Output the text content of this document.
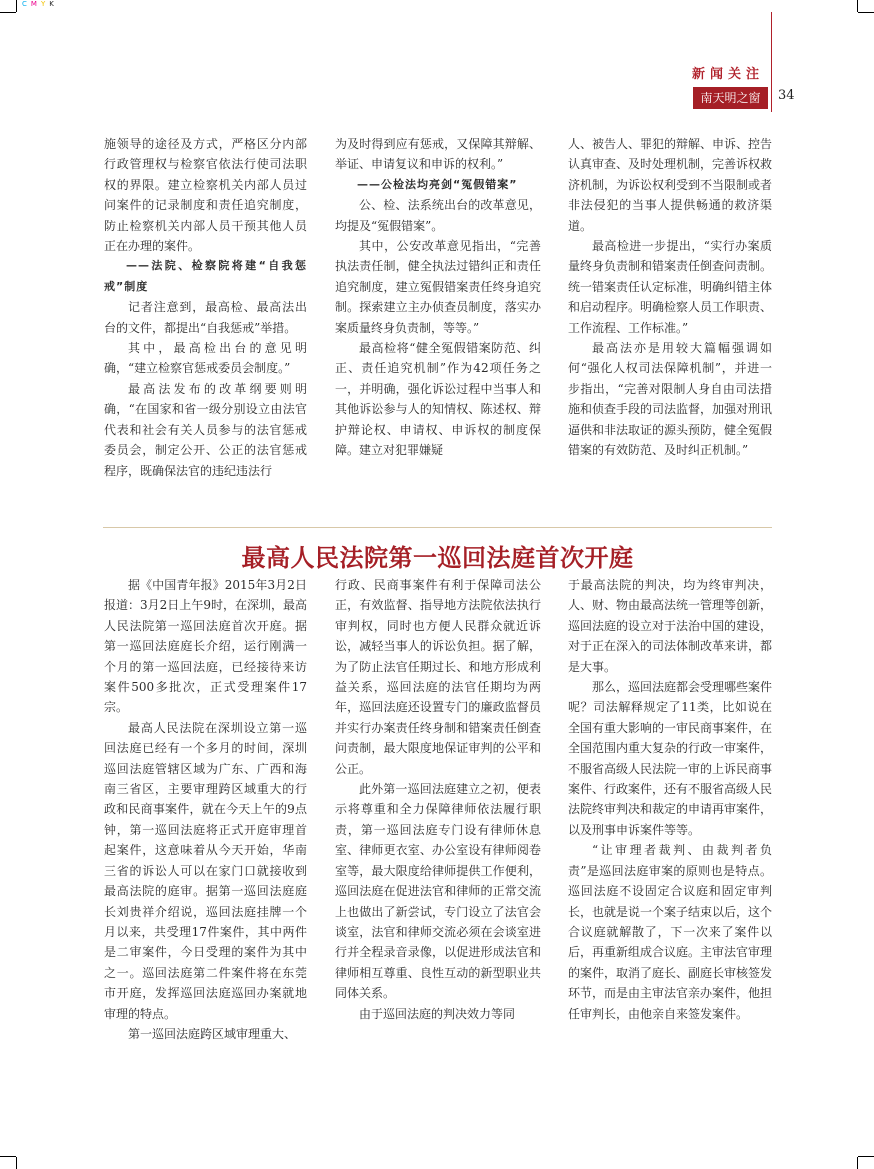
CMYK
新闻关注
南天明之窗	34

施领导的途径及方式，严格区分内部行政管理权与检察官依法行使司法职权的界限。建立检察机关内部人员过问案件的记录制度和责任追究制度，防止检察机关内部人员干预其他人员正在办理的案件。

——法院、检察院将建“自我惩戒”制度

记者注意到，最高检、最高法出台的文件，都提出“自我惩戒”举措。

其中，最高检出台的意见明确，“建立检察官惩戒委员会制度。”

最高法发布的改革纲要则明确，“在国家和省一级分别设立由法官代表和社会有关人员参与的法官惩戒委员会，制定公开、公正的法官惩戒程序，既确保法官的违纪违法行

为及时得到应有惩戒，又保障其辩解、举证、申请复议和申诉的权利。”

——公检法均亮剑“冤假错案”

公、检、法系统出台的改革意见，均提及“冤假错案”。

其中，公安改革意见指出，“完善执法责任制，健全执法过错纠正和责任追究制度，建立冤假错案责任终身追究制。探索建立主办侦查员制度，落实办案质量终身负责制，等等。”

最高检将“健全冤假错案防范、纠正、责任追究机制”作为42项任务之一，并明确，强化诉讼过程中当事人和其他诉讼参与人的知情权、陈述权、辩护辩论权、申请权、申诉权的制度保障。建立对犯罪嫌疑

人、被告人、罪犯的辩解、申诉、控告认真审查、及时处理机制，完善诉权救济机制，为诉讼权利受到不当限制或者非法侵犯的当事人提供畅通的救济渠道。

最高检进一步提出，“实行办案质量终身负责制和错案责任倒查问责制。统一错案责任认定标准，明确纠错主体和启动程序。明确检察人员工作职责、工作流程、工作标准。”

最高法亦是用较大篇幅强调如何“强化人权司法保障机制”，并进一步指出，“完善对限制人身自由司法措施和侦查手段的司法监督，加强对刑讯逼供和非法取证的源头预防，健全冤假错案的有效防范、及时纠正机制。”

最高人民法院第一巡回法庭首次开庭

据《中国青年报》2015年3月2日报道：3月2日上午9时，在深圳，最高人民法院第一巡回法庭首次开庭。据第一巡回法庭庭长介绍，运行刚满一个月的第一巡回法庭，已经接待来访案件500多批次，正式受理案件17宗。

最高人民法院在深圳设立第一巡回法庭已经有一个多月的时间，深圳巡回法庭管辖区域为广东、广西和海南三省区，主要审理跨区域重大的行政和民商事案件，就在今天上午的9点钟，第一巡回法庭将正式开庭审理首起案件，这意味着从今天开始，华南三省的诉讼人可以在家门口就接收到最高法院的庭审。据第一巡回法庭庭长刘贵祥介绍说，巡回法庭挂牌一个月以来，共受理17件案件，其中两件是二审案件，今日受理的案件为其中之一。巡回法庭第二件案件将在东莞市开庭，发挥巡回法庭巡回办案就地审理的特点。

第一巡回法庭跨区域审理重大、

行政、民商事案件有利于保障司法公正，有效监督、指导地方法院依法执行审判权，同时也方便人民群众就近诉讼，减轻当事人的诉讼负担。据了解，为了防止法官任期过长、和地方形成利益关系，巡回法庭的法官任期均为两年，巡回法庭还设置专门的廉政监督员并实行办案责任终身制和错案责任倒查问责制，最大限度地保证审判的公平和公正。

此外第一巡回法庭建立之初，便表示将尊重和全力保障律师依法履行职责，第一巡回法庭专门设有律师休息室、律师更衣室、办公室设有律师阅卷室等，最大限度给律师提供工作便利，巡回法庭在促进法官和律师的正常交流上也做出了新尝试，专门设立了法官会谈室，法官和律师交流必须在会谈室进行并全程录音录像，以促进形成法官和律师相互尊重、良性互动的新型职业共同体关系。

由于巡回法庭的判决效力等同

于最高法院的判决，均为终审判决，人、财、物由最高法统一管理等创新，巡回法庭的设立对于法治中国的建设，对于正在深入的司法体制改革来讲，都是大事。

那么，巡回法庭都会受理哪些案件呢？司法解释规定了11类，比如说在全国有重大影响的一审民商事案件，在全国范围内重大复杂的行政一审案件，不服省高级人民法院一审的上诉民商事案件、行政案件，还有不服省高级人民法院终审判决和裁定的申请再审案件，以及刑事申诉案件等等。

“让审理者裁判、由裁判者负责”是巡回法庭审案的原则也是特点。巡回法庭不设固定合议庭和固定审判长，也就是说一个案子结束以后，这个合议庭就解散了，下一次来了案件以后，再重新组成合议庭。主审法官审理的案件，取消了庭长、副庭长审核签发环节，而是由主审法官亲办案件，他担任审判长，由他亲自来签发案件。
